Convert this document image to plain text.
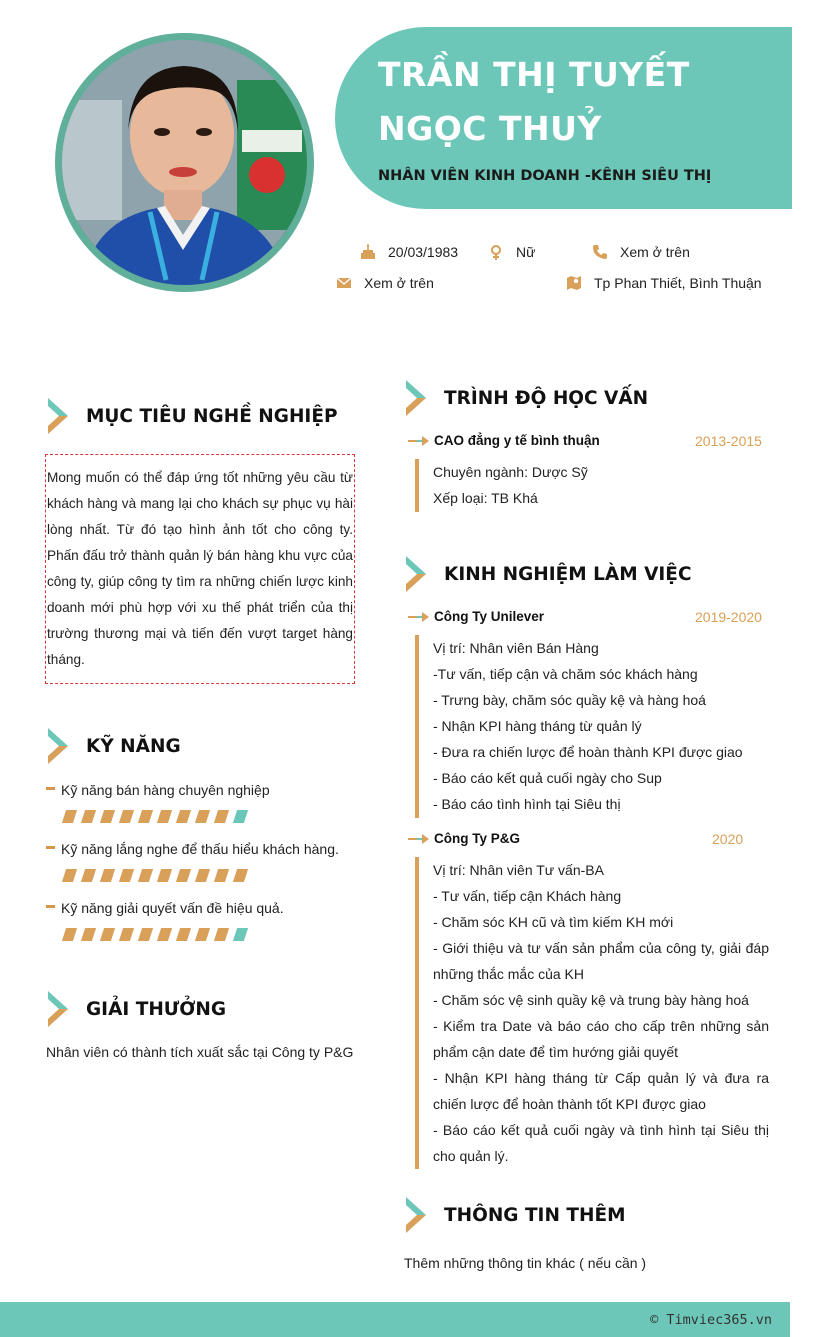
TRẦN THỊ TUYẾT NGỌC THUỶ
NHÂN VIÊN KINH DOANH -KÊNH SIÊU THỊ
20/03/1983	Nữ	Xem ở trên
Xem ở trên	Tp Phan Thiết, Bình Thuận
MỤC TIÊU NGHỀ NGHIỆP

Mong muốn có thể đáp ứng tốt những yêu cầu từ khách hàng và mang lại cho khách sự phục vụ hài lòng nhất. Từ đó tạo hình ảnh tốt cho công ty. Phấn đấu trở thành quản lý bán hàng khu vực của công ty, giúp công ty tìm ra những chiến lược kinh doanh mới phù hợp với xu thế phát triển của thị trường thương mại và tiến đến vượt target hàng tháng.

KỸ NĂNG
Kỹ năng bán hàng chuyên nghiệp
Kỹ năng lắng nghe để thấu hiểu khách hàng.
Kỹ năng giải quyết vấn đề hiệu quả.
GIẢI THƯỞNG
Nhân viên có thành tích xuất sắc tại Công ty P&G
TRÌNH ĐỘ HỌC VẤN
CAO đẳng y tế bình thuận	2013-2015
Chuyên ngành: Dược Sỹ
Xếp loại: TB Khá
KINH NGHIỆM LÀM VIỆC
Công Ty Unilever	2019-2020
Vị trí: Nhân viên Bán Hàng
-Tư vấn, tiếp cận và chăm sóc khách hàng
- Trưng bày, chăm sóc quầy kệ và hàng hoá
- Nhận KPI hàng tháng từ quản lý
- Đưa ra chiến lược để hoàn thành KPI được giao
- Báo cáo kết quả cuối ngày cho Sup
- Báo cáo tình hình tại Siêu thị
Công Ty P&G	2020
Vị trí: Nhân viên Tư vấn-BA
- Tư vấn, tiếp cận Khách hàng
- Chăm sóc KH cũ và tìm kiếm KH mới
- Giới thiệu và tư vấn sản phẩm của công ty, giải đáp những thắc mắc của KH
- Chăm sóc vệ sinh quầy kệ và trung bày hàng hoá
- Kiểm tra Date và báo cáo cho cấp trên những sản phẩm cận date để tìm hướng giải quyết
- Nhận KPI hàng tháng từ Cấp quản lý và đưa ra chiến lược để hoàn thành tốt KPI được giao
- Báo cáo kết quả cuối ngày và tình hình tại Siêu thị cho quản lý.
THÔNG TIN THÊM
Thêm những thông tin khác ( nếu cần )
© Timviec365.vn
